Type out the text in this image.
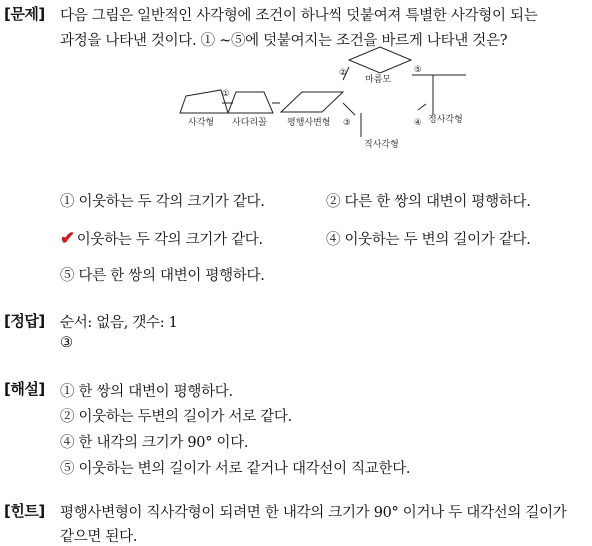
[문제] 다음 그림은 일반적인 사각형에 조건이 하나씩 덧붙여져 특별한 사각형이 되는
과정을 나타낸 것이다. ① ~⑤에 덧붙여지는 조건을 바르게 나타낸 것은?
사각형 사다리꼴 평행사변형
마름모
직사각형
정사각형
①
②
③	④
⑤
① 이웃하는 두 각의 크기가 같다.	② 다른 한 쌍의 대변이 평행하다.
✔ 이웃하는 두 각의 크기가 같다.	④ 이웃하는 두 변의 길이가 같다.
⑤ 다른 한 쌍의 대변이 평행하다.
[정답] 순서: 없음, 갯수: 1
③
[해설] ① 한 쌍의 대변이 평행하다.
② 이웃하는 두변의 길이가 서로 같다.
④ 한 내각의 크기가 90° 이다.
⑤ 이웃하는 변의 길이가 서로 같거나 대각선이 직교한다.
[힌트] 평행사변형이 직사각형이 되려면 한 내각의 크기가 90° 이거나 두 대각선의 길이가
같으면 된다.
